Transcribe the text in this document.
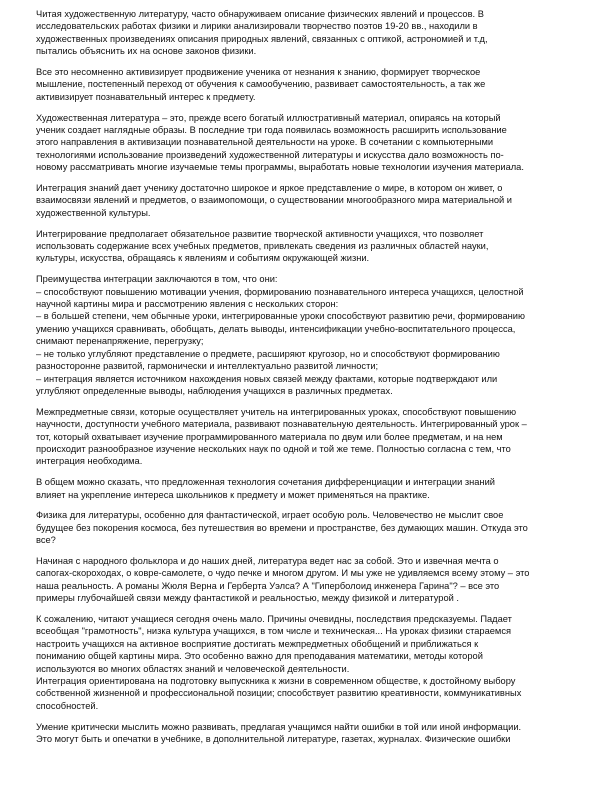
Читая художественную литературу, часто обнаруживаем описание физических явлений и процессов. В
исследовательских работах физики и лирики анализировали творчество поэтов 19-20 вв., находили в
художественных произведениях описания природных явлений, связанных с оптикой, астрономией и т.д,
пытались объяснить их на основе законов физики.

Все это несомненно активизирует продвижение ученика от незнания к знанию, формирует творческое
мышление, постепенный переход от обучения к самообучению, развивает самостоятельность, а так же
активизирует познавательный интерес к предмету.

Художественная литература – это, прежде всего богатый иллюстративный материал, опираясь на который
ученик создает наглядные образы. В последние три года появилась возможность расширить использование
этого направления в активизации познавательной деятельности на уроке. В сочетании с компьютерными
технологиями использование произведений художественной литературы и искусства дало возможность по-
новому рассматривать многие изучаемые темы программы, выработать новые технологии изучения материала.

Интеграция знаний дает ученику достаточно широкое и яркое представление о мире, в котором он живет, о
взаимосвязи явлений и предметов, о взаимопомощи, о существовании многообразного мира материальной и
художественной культуры.

Интегрирование предполагает обязательное развитие творческой активности учащихся, что позволяет
использовать содержание всех учебных предметов, привлекать сведения из различных областей науки,
культуры, искусства, обращаясь к явлениям и событиям окружающей жизни.

Преимущества интеграции заключаются в том, что они:
– способствуют повышению мотивации учения, формированию познавательного интереса учащихся, целостной
научной картины мира и рассмотрению явления с нескольких сторон:
– в большей степени, чем обычные уроки, интегрированные уроки способствуют развитию речи, формированию
умению учащихся сравнивать, обобщать, делать выводы, интенсификации учебно-воспитательного процесса,
снимают перенапряжение, перегрузку;
– не только углубляют представление о предмете, расширяют кругозор, но и способствуют формированию
разносторонне развитой, гармонически и интеллектуально развитой личности;
– интеграция является источником нахождения новых связей между фактами, которые подтверждают или
углубляют определенные выводы, наблюдения учащихся в различных предметах.

Межпредметные связи, которые осуществляет учитель на интегрированных уроках, способствуют повышению
научности, доступности учебного материала, развивают познавательную деятельность. Интегрированный урок –
тот, который охватывает изучение программированного материала по двум или более предметам, и на нем
происходит разнообразное изучение нескольких наук по одной и той же теме. Полностью согласна с тем, что
интеграция необходима.

В общем можно сказать, что предложенная технология сочетания дифференциации и интеграции знаний
влияет на укрепление интереса школьников к предмету и может применяться на практике.

Физика для литературы, особенно для фантастической, играет особую роль. Человечество не мыслит свое
будущее без покорения космоса, без путешествия во времени и пространстве, без думающих машин. Откуда это
все?

Начиная с народного фольклора и до наших дней, литература ведет нас за собой. Это и извечная мечта о
сапогах-скороходах, о ковре-самолете, о чудо печке и многом другом. И мы уже не удивляемся всему этому – это
наша реальность. А романы Жюля Верна и Герберта Уэлса? А "Гиперболоид инженера Гарина"? – все это
примеры глубочайшей связи между фантастикой и реальностью, между физикой и литературой .

К сожалению, читают учащиеся сегодня очень мало. Причины очевидны, последствия предсказуемы. Падает
всеобщая "грамотность", низка культура учащихся, в том числе и техническая... На уроках физики стараемся
настроить учащихся на активное восприятие достигать межпредметных обобщений и приближаться к
пониманию общей картины мира. Это особенно важно для преподавания математики, методы которой
используются во многих областях знаний и человеческой деятельности.

Интеграция ориентирована на подготовку выпускника к жизни в современном обществе, к достойному выбору
собственной жизненной и профессиональной позиции; способствует развитию креативности, коммуникативных
способностей.

Умение критически мыслить можно развивать, предлагая учащимся найти ошибки в той или иной информации.
Это могут быть и опечатки в учебнике, в дополнительной литературе, газетах, журналах. Физические ошибки
